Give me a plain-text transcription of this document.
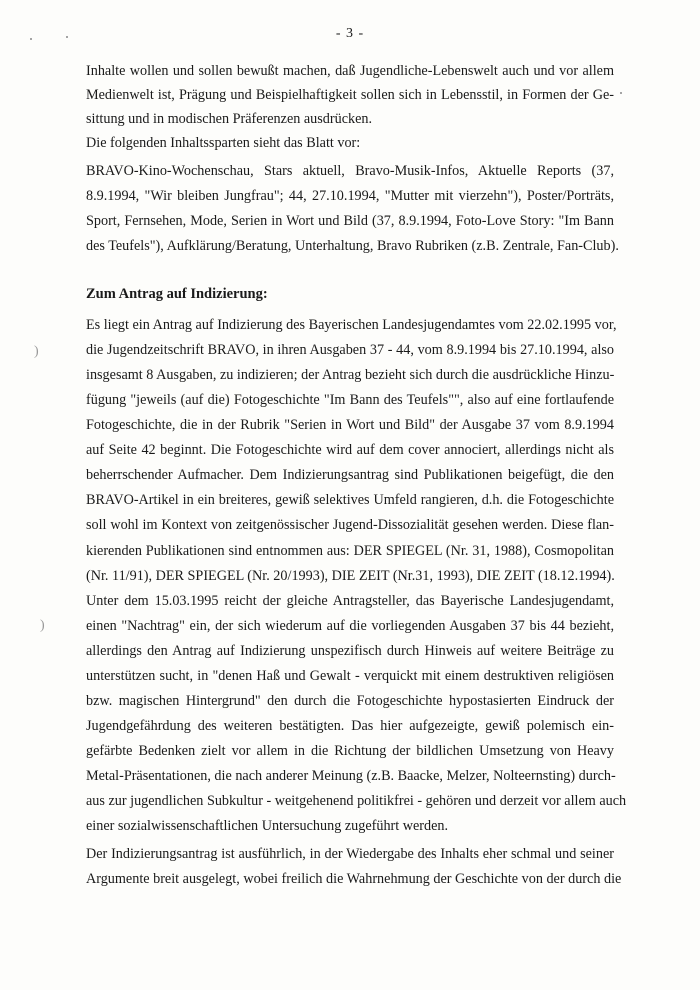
)
)
- 3 -
Inhalte wollen und sollen bewußt machen, daß Jugendliche-Lebenswelt auch und vor allem
Medienwelt ist, Prägung und Beispielhaftigkeit sollen sich in Lebensstil, in Formen der Ge-
sittung und in modischen Präferenzen ausdrücken.
Die folgenden Inhaltssparten sieht das Blatt vor:
BRAVO-Kino-Wochenschau, Stars aktuell, Bravo-Musik-Infos, Aktuelle Reports (37,
8.9.1994, "Wir bleiben Jungfrau"; 44, 27.10.1994, "Mutter mit vierzehn"), Poster/Porträts,
Sport, Fernsehen, Mode, Serien in Wort und Bild (37, 8.9.1994, Foto-Love Story: "Im Bann
des Teufels"), Aufklärung/Beratung, Unterhaltung, Bravo Rubriken (z.B. Zentrale, Fan-Club).
Zum Antrag auf Indizierung:
Es liegt ein Antrag auf Indizierung des Bayerischen Landesjugendamtes vom 22.02.1995 vor,
die Jugendzeitschrift BRAVO, in ihren Ausgaben 37 - 44, vom 8.9.1994 bis 27.10.1994, also
insgesamt 8 Ausgaben, zu indizieren; der Antrag bezieht sich durch die ausdrückliche Hinzu-
fügung "jeweils (auf die) Fotogeschichte "Im Bann des Teufels"", also auf eine fortlaufende
Fotogeschichte, die in der Rubrik "Serien in Wort und Bild" der Ausgabe 37 vom 8.9.1994
auf Seite 42 beginnt. Die Fotogeschichte wird auf dem cover annociert, allerdings nicht als
beherrschender Aufmacher. Dem Indizierungsantrag sind Publikationen beigefügt, die den
BRAVO-Artikel in ein breiteres, gewiß selektives Umfeld rangieren, d.h. die Fotogeschichte
soll wohl im Kontext von zeitgenössischer Jugend-Dissozialität gesehen werden. Diese flan-
kierenden Publikationen sind entnommen aus: DER SPIEGEL (Nr. 31, 1988), Cosmopolitan
(Nr. 11/91), DER SPIEGEL (Nr. 20/1993), DIE ZEIT (Nr.31, 1993), DIE ZEIT (18.12.1994).
Unter dem 15.03.1995 reicht der gleiche Antragsteller, das Bayerische Landesjugendamt,
einen "Nachtrag" ein, der sich wiederum auf die vorliegenden Ausgaben 37 bis 44 bezieht,
allerdings den Antrag auf Indizierung unspezifisch durch Hinweis auf weitere Beiträge zu
unterstützen sucht, in "denen Haß und Gewalt - verquickt mit einem destruktiven religiösen
bzw. magischen Hintergrund" den durch die Fotogeschichte hypostasierten Eindruck der
Jugendgefährdung des weiteren bestätigten. Das hier aufgezeigte, gewiß polemisch ein-
gefärbte Bedenken zielt vor allem in die Richtung der bildlichen Umsetzung von Heavy
Metal-Präsentationen, die nach anderer Meinung (z.B. Baacke, Melzer, Nolteernsting) durch-
aus zur jugendlichen Subkultur - weitgehenend politikfrei - gehören und derzeit vor allem auch
einer sozialwissenschaftlichen Untersuchung zugeführt werden.
Der Indizierungsantrag ist ausführlich, in der Wiedergabe des Inhalts eher schmal und seiner
Argumente breit ausgelegt, wobei freilich die Wahrnehmung der Geschichte von der durch die
